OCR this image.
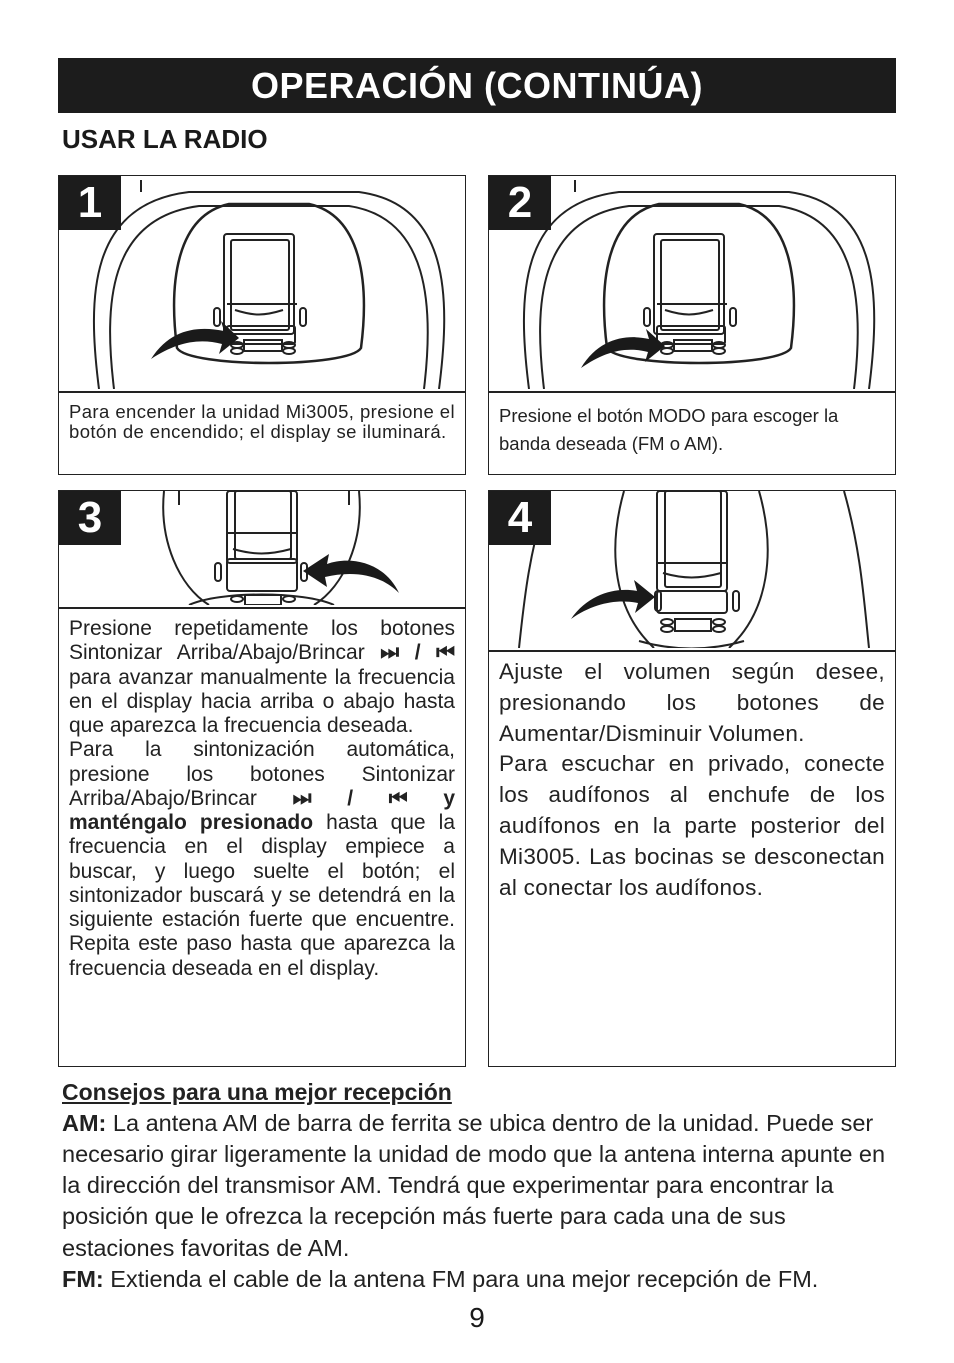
OPERACIÓN (CONTINÚA)
USAR LA RADIO
1
Para encender la unidad Mi3005, presione el botón de encendido; el display se iluminará.
2
Presione el botón MODO para escoger la banda deseada (FM o AM).
3

Presione repetidamente los botones Sintonizar Arriba/Abajo/Brincar ⏭ / ⏮ para avanzar manualmente la frecuencia en el display hacia arriba o abajo hasta que aparezca la frecuencia deseada.

Para la sintonización automática, presione los botones Sintonizar Arriba/Abajo/Brincar ⏭ / ⏮ y manténgalo presionado hasta que la frecuencia en el display empiece a buscar, y luego suelte el botón; el sintonizador buscará y se detendrá en la siguiente estación fuerte que encuentre. Repita este paso hasta que aparezca la frecuencia deseada en el display.

4

Ajuste el volumen según desee, presionando los botones de Aumentar/Disminuir Volumen.

Para escuchar en privado, conecte los audífonos al enchufe de los audífonos en la parte posterior del Mi3005. Las bocinas se desconectan al conectar los audífonos.

Consejos para una mejor recepción

AM: La antena AM de barra de ferrita se ubica dentro de la unidad. Puede ser necesario girar ligeramente la unidad de modo que la antena interna apunte en la dirección del transmisor AM. Tendrá que experimentar para encontrar la posición que le ofrezca la recepción más fuerte para cada una de sus estaciones favoritas de AM.

FM: Extienda el cable de la antena FM para una mejor recepción de FM.

9
